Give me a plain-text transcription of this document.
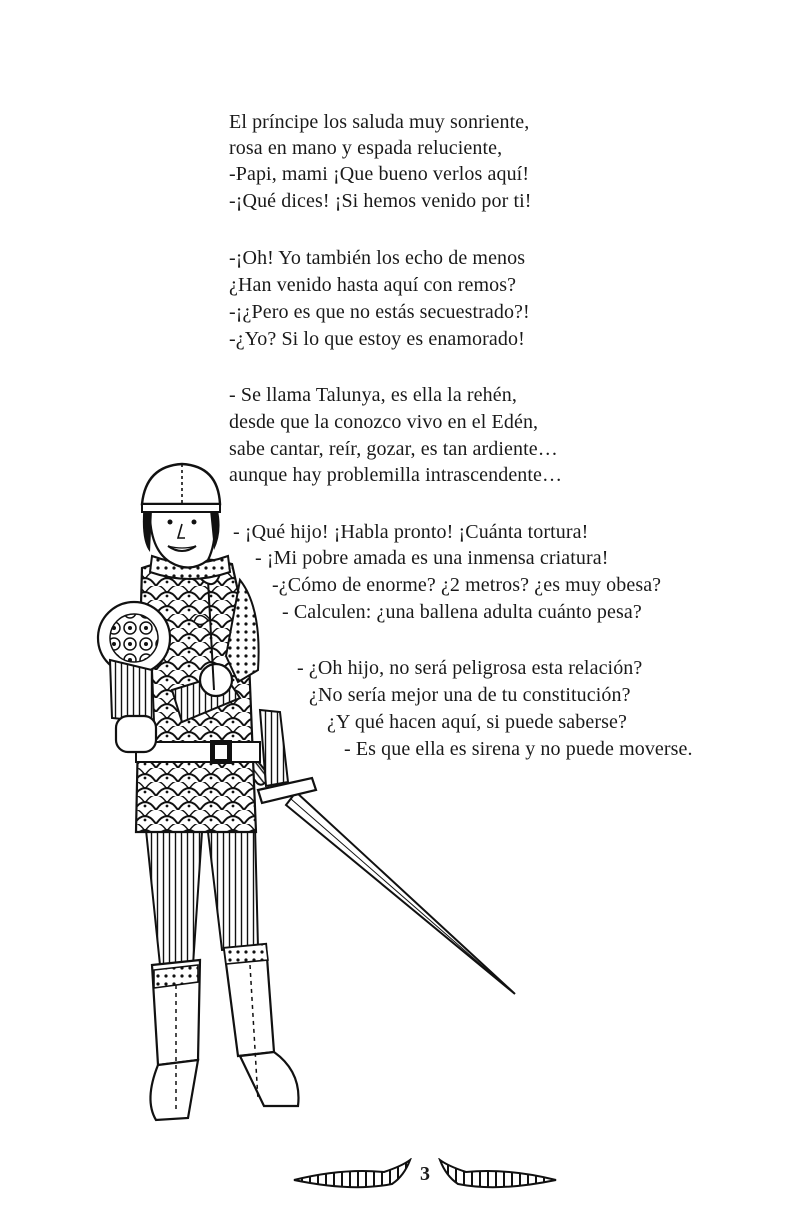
El príncipe los saluda muy sonriente,
rosa en mano y espada reluciente,
-Papi, mami ¡Que bueno verlos aquí!
-¡Qué dices! ¡Si hemos venido por ti!
-¡Oh! Yo también los echo de menos
¿Han venido hasta aquí con remos?
-¡¿Pero es que no estás secuestrado?!
-¿Yo? Si lo que estoy es enamorado!
- Se llama Talunya, es ella la rehén,
desde que la conozco vivo en el Edén,
sabe cantar, reír, gozar, es tan ardiente…
aunque hay problemilla intrascendente…
- ¡Qué hijo! ¡Habla pronto! ¡Cuánta tortura!
- ¡Mi pobre amada es una inmensa criatura!
-¿Cómo de enorme? ¿2 metros? ¿es muy obesa?
- Calculen: ¿una ballena adulta cuánto pesa?
- ¿Oh hijo, no será peligrosa esta relación?
¿No sería mejor una de tu constitución?
¿Y qué hacen aquí, si puede saberse?
- Es que ella es sirena y no puede moverse.
3
